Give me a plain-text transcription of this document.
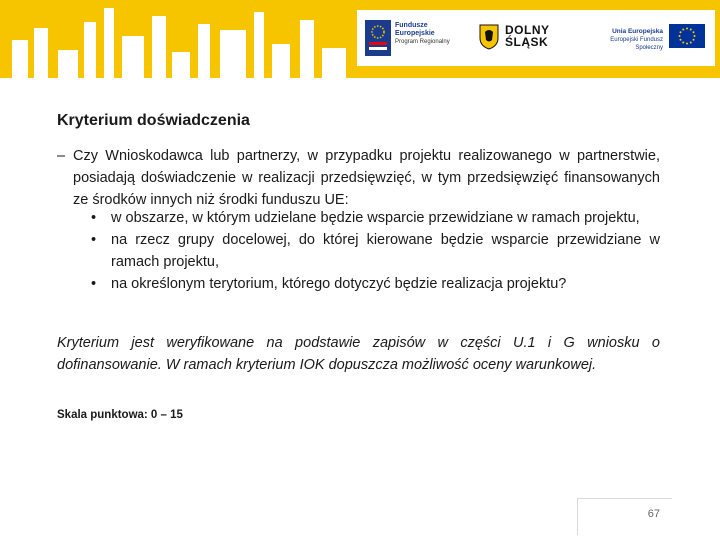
Fundusze
Europejskie
Program Regionalny
DOLNY
ŚLĄSK
Unia Europejska
Europejski Fundusz Społeczny
Kryterium doświadczenia
– Czy Wnioskodawca lub partnerzy, w przypadku projektu realizowanego w partnerstwie, posiadają doświadczenie w realizacji przedsięwzięć, w tym przedsięwzięć finansowanych ze środków innych niż środki funduszu UE:
• w obszarze, w którym udzielane będzie wsparcie przewidziane w ramach projektu,
• na rzecz grupy docelowej, do której kierowane będzie wsparcie przewidziane w ramach projektu,
• na określonym terytorium, którego dotyczyć będzie realizacja projektu?
Kryterium jest weryfikowane na podstawie zapisów w części U.1 i G wniosku o dofinansowanie. W ramach kryterium IOK dopuszcza możliwość oceny warunkowej.
Skala punktowa: 0 – 15
67
